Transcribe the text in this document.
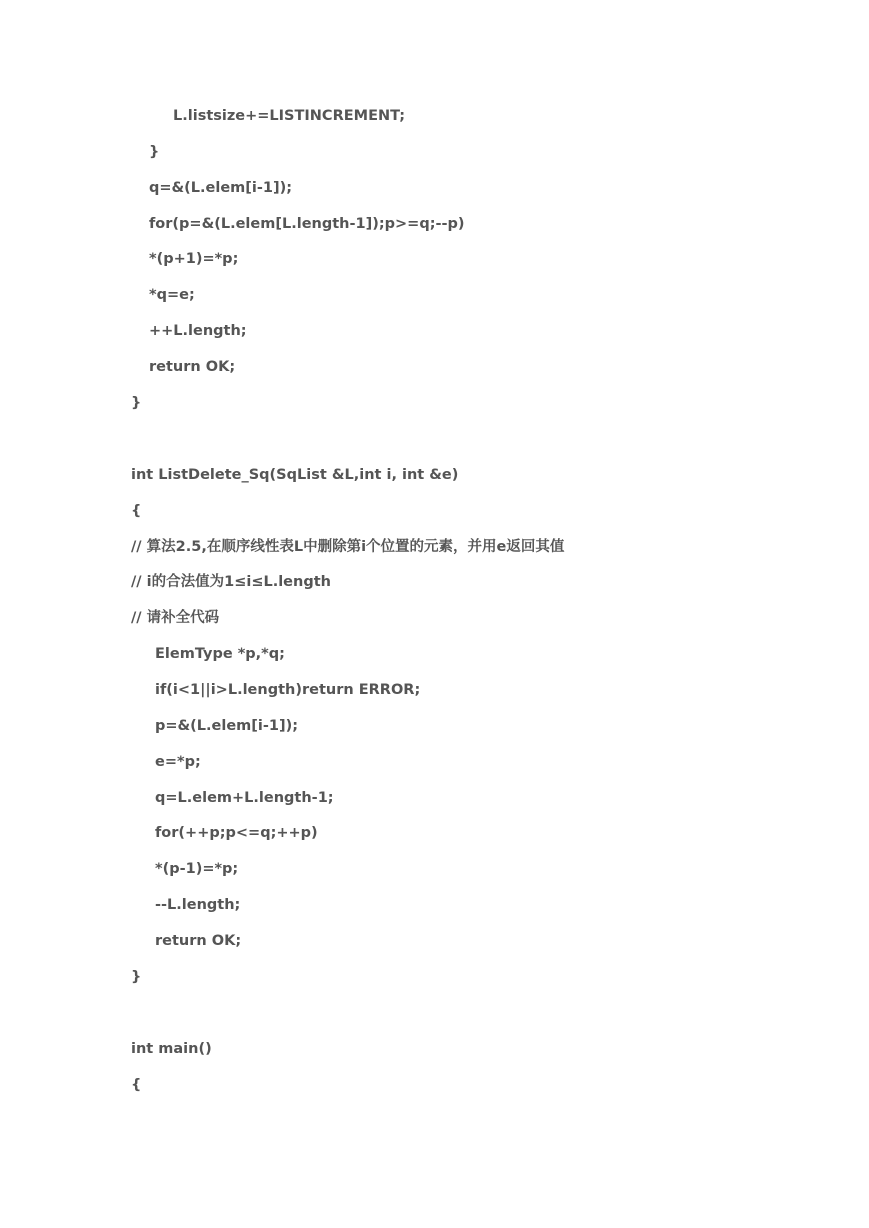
L.listsize+=LISTINCREMENT;
}
q=&(L.elem[i-1]);
for(p=&(L.elem[L.length-1]);p>=q;--p)
*(p+1)=*p;
*q=e;
++L.length;
return OK;
}
int ListDelete_Sq(SqList &L,int i, int &e)
{
// 算法2.5,在顺序线性表L中删除第i个位置的元素，并用e返回其值
// i的合法值为1≤i≤L.length
// 请补全代码
ElemType *p,*q;
if(i<1||i>L.length)return ERROR;
p=&(L.elem[i-1]);
e=*p;
q=L.elem+L.length-1;
for(++p;p<=q;++p)
*(p-1)=*p;
--L.length;
return OK;
}
int main()
{
